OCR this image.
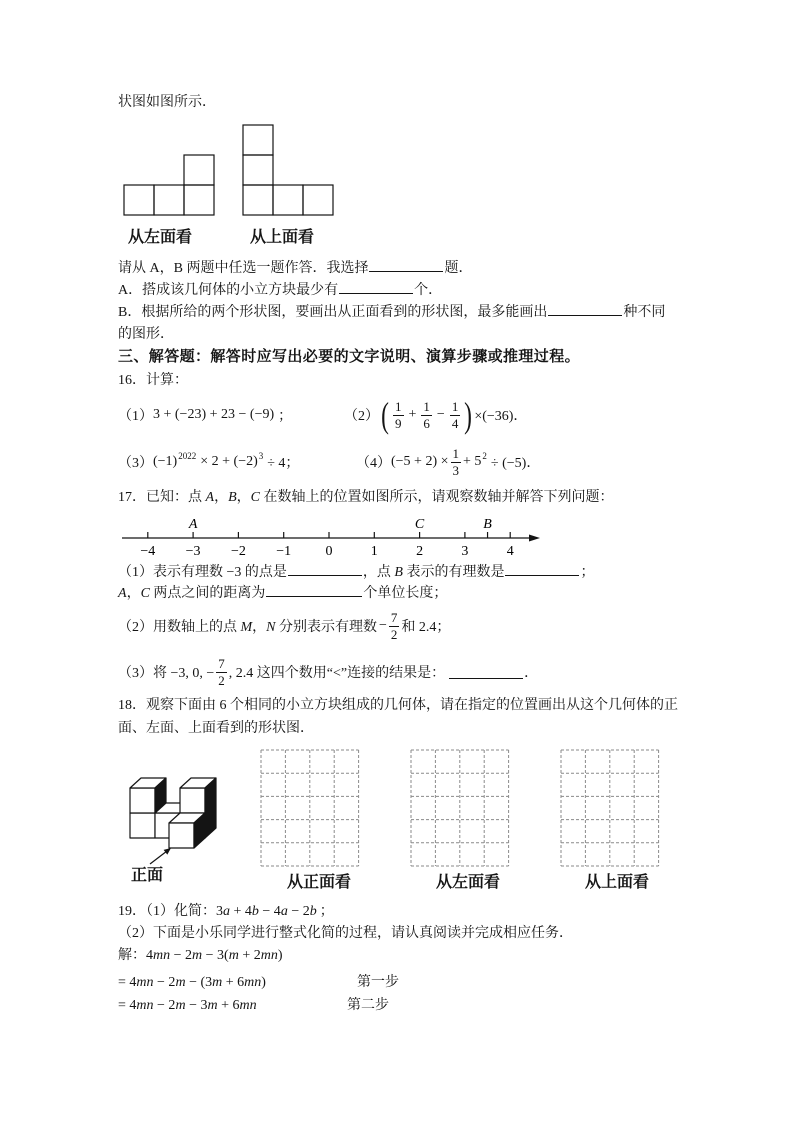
状图如图所示．
从左面看	从上面看
请从 A，B 两题中任选一题作答．我选择	题．
A．搭成该几何体的小立方块最少有	个．
B．根据所给的两个形状图，要画出从正面看到的形状图，最多能画出	种不同
的图形．
三、解答题：解答时应写出必要的文字说明、演算步骤或推理过程。
16．计算：
（1） 3 + (−23) + 23 − (−9) ；	（2） ( $\frac{1}{9} + \frac{1}{6} - \frac{1}{4}$ ) ×(−36)．
（3） (−1) 2022 × 2 + (−2) 3 ÷ 4；	（4） $(-5 + 2) \times \frac{1}{3} + 5$ 2 ÷ (−5)．
17．已知：点 A，B，C 在数轴上的位置如图所示，请观察数轴并解答下列问题：
−4 −3 −2 −1 0	1	2	3	4
A	C	B
（1）表示有理数 −3 的点是	，点 B 表示的有理数是	；
A，C 两点之间的距离为	个单位长度；
（2）用数轴上的点 M，N 分别表示有理数 − $\frac{7}{2}$ 和 2.4；
（3）将 −3, 0, − $\frac{7}{2}$ , 2.4 这四个数用“<”连接的结果是：	．
18．观察下面由 6 个相同的小立方块组成的几何体，请在指定的位置画出从这个几何体的正
面、左面、上面看到的形状图．
正面	从正面看	从左面看	从上面看
19．（1）化简：3a + 4b − 4a − 2b ；
（2）下面是小乐同学进行整式化简的过程，请认真阅读并完成相应任务．
解：4mn − 2m − 3(m + 2mn)
= 4mn − 2m − (3m + 6mn)	第一步
= 4mn − 2m − 3m + 6mn	第二步
